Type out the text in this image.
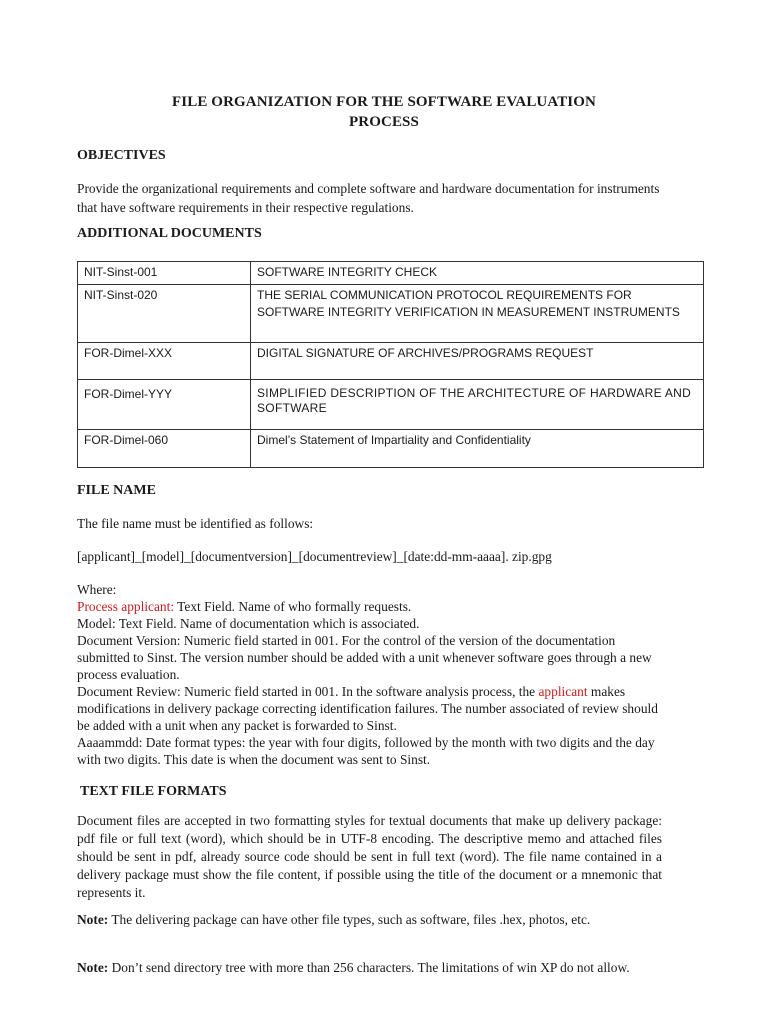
FILE ORGANIZATION FOR THE SOFTWARE EVALUATION
PROCESS
OBJECTIVES
Provide the organizational requirements and complete software and hardware documentation for instruments that have software requirements in their respective regulations.
ADDITIONAL DOCUMENTS
NIT-Sinst-001	SOFTWARE INTEGRITY CHECK
NIT-Sinst-020	THE SERIAL COMMUNICATION PROTOCOL REQUIREMENTS FOR SOFTWARE INTEGRITY VERIFICATION IN MEASUREMENT INSTRUMENTS
FOR-Dimel-XXX	DIGITAL SIGNATURE OF ARCHIVES/PROGRAMS REQUEST
FOR-Dimel-YYY	SIMPLIFIED DESCRIPTION OF THE ARCHITECTURE OF HARDWARE AND SOFTWARE
FOR-Dimel-060	Dimel’s Statement of Impartiality and Confidentiality
FILE NAME
The file name must be identified as follows:
[applicant]_[model]_[documentversion]_[documentreview]_[date:dd-mm-aaaa]. zip.gpg
Where:
Process applicant: Text Field. Name of who formally requests.
Model: Text Field. Name of documentation which is associated.
Document Version: Numeric field started in 001. For the control of the version of the documentation submitted to Sinst. The version number should be added with a unit whenever software goes through a new process evaluation.
Document Review: Numeric field started in 001. In the software analysis process, the applicant makes modifications in delivery package correcting identification failures. The number associated of review should be added with a unit when any packet is forwarded to Sinst.
Aaaammdd: Date format types: the year with four digits, followed by the month with two digits and the day with two digits. This date is when the document was sent to Sinst.
TEXT FILE FORMATS
Document files are accepted in two formatting styles for textual documents that make up delivery package: pdf file or full text (word), which should be in UTF-8 encoding. The descriptive memo and attached files should be sent in pdf, already source code should be sent in full text (word). The file name contained in a delivery package must show the file content, if possible using the title of the document or a mnemonic that represents it.
Note: The delivering package can have other file types, such as software, files .hex, photos, etc.
Note: Don’t send directory tree with more than 256 characters. The limitations of win XP do not allow.
